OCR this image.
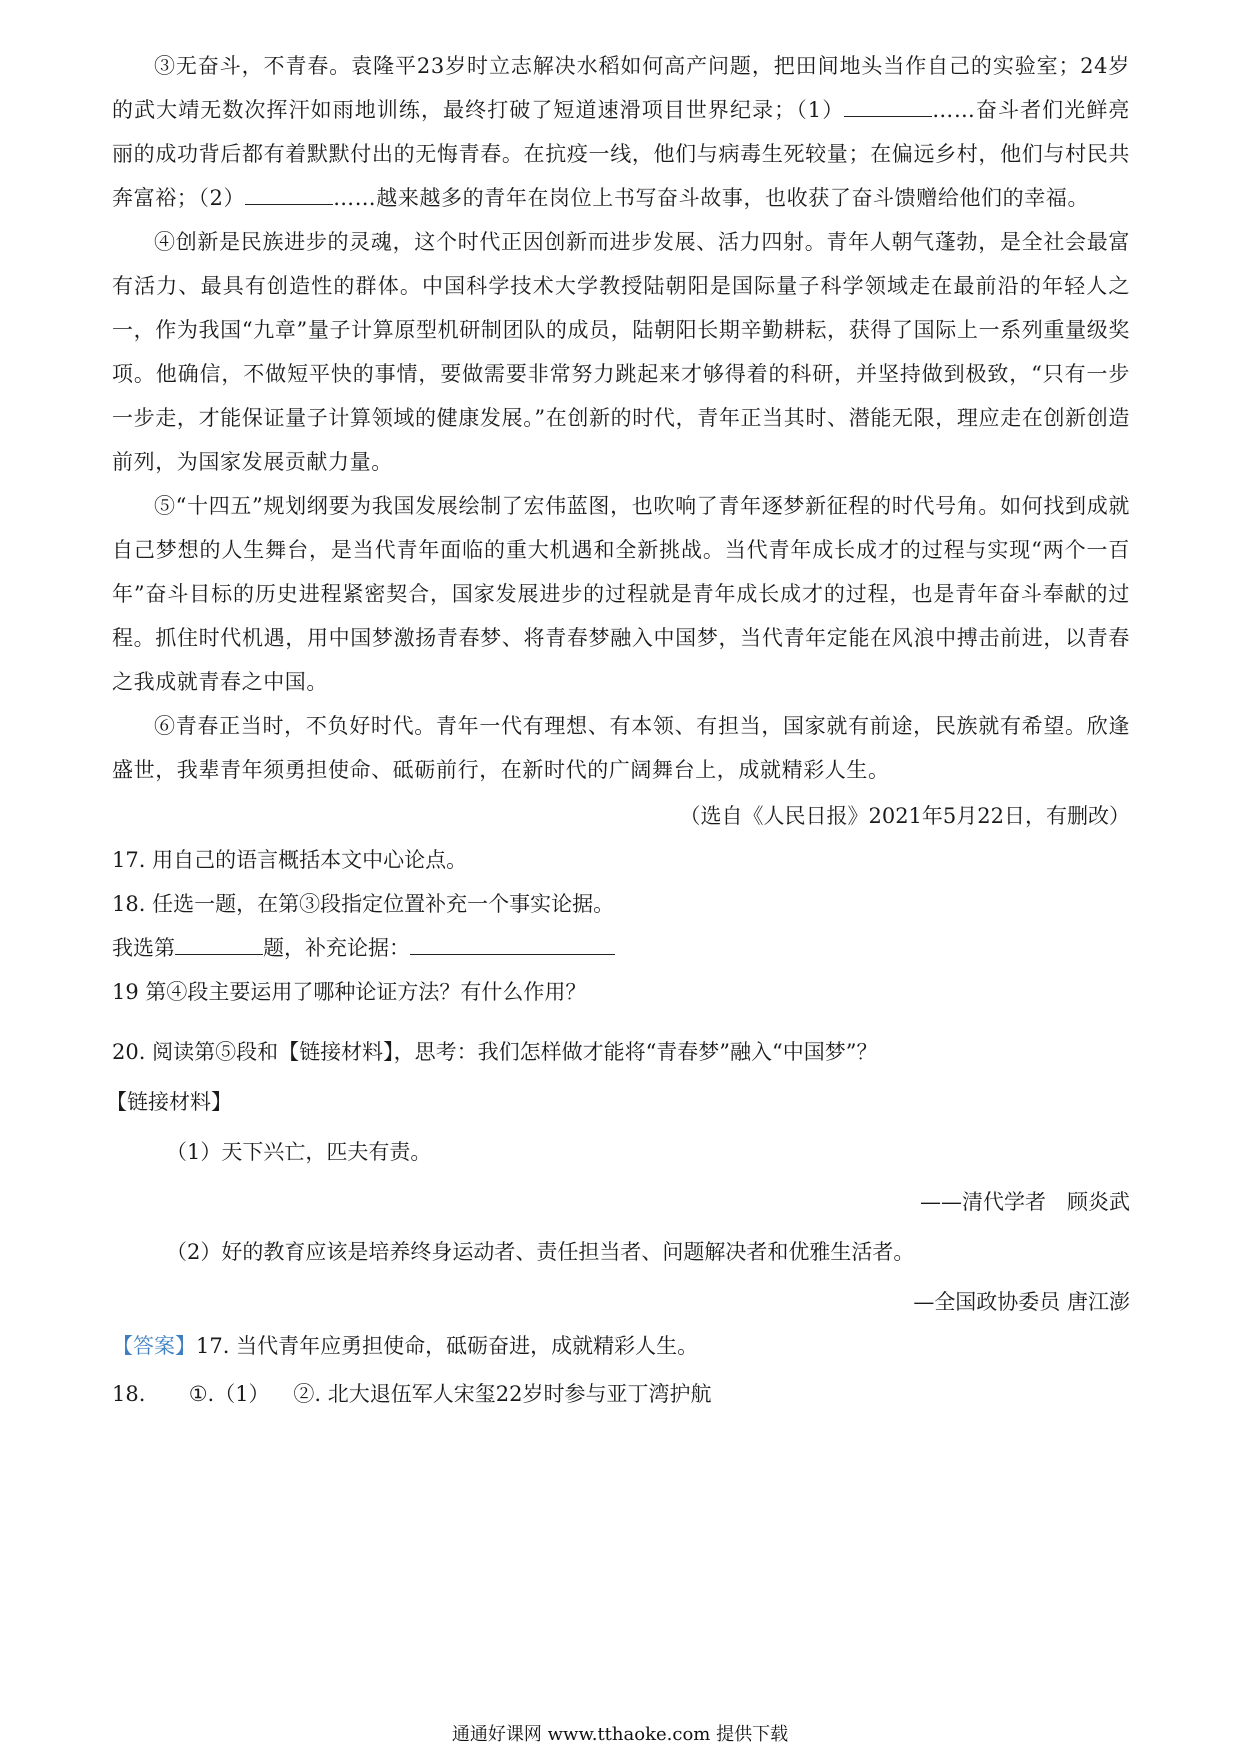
③无奋斗，不青春。袁隆平23岁时立志解决水稻如何高产问题，把田间地头当作自己的实验室；24岁的武大靖无数次挥汗如雨地训练，最终打破了短道速滑项目世界纪录；（1）	……奋斗者们光鲜亮丽的成功背后都有着默默付出的无悔青春。在抗疫一线，他们与病毒生死较量；在偏远乡村，他们与村民共奔富裕；（2）	……越来越多的青年在岗位上书写奋斗故事，也收获了奋斗馈赠给他们的幸福。

④创新是民族进步的灵魂，这个时代正因创新而进步发展、活力四射。青年人朝气蓬勃，是全社会最富有活力、最具有创造性的群体。中国科学技术大学教授陆朝阳是国际量子科学领域走在最前沿的年轻人之一，作为我国“九章”量子计算原型机研制团队的成员，陆朝阳长期辛勤耕耘，获得了国际上一系列重量级奖项。他确信，不做短平快的事情，要做需要非常努力跳起来才够得着的科研，并坚持做到极致，“只有一步一步走，才能保证量子计算领域的健康发展。”在创新的时代，青年正当其时、潜能无限，理应走在创新创造前列，为国家发展贡献力量。

⑤“十四五”规划纲要为我国发展绘制了宏伟蓝图，也吹响了青年逐梦新征程的时代号角。如何找到成就自己梦想的人生舞台，是当代青年面临的重大机遇和全新挑战。当代青年成长成才的过程与实现“两个一百年”奋斗目标的历史进程紧密契合，国家发展进步的过程就是青年成长成才的过程，也是青年奋斗奉献的过程。抓住时代机遇，用中国梦激扬青春梦、将青春梦融入中国梦，当代青年定能在风浪中搏击前进，以青春之我成就青春之中国。

⑥青春正当时，不负好时代。青年一代有理想、有本领、有担当，国家就有前途，民族就有希望。欣逢盛世，我辈青年须勇担使命、砥砺前行，在新时代的广阔舞台上，成就精彩人生。

（选自《人民日报》2021年5月22日，有删改）

17. 用自己的语言概括本文中心论点。

18. 任选一题，在第③段指定位置补充一个事实论据。

我选第	题，补充论据：

19 第④段主要运用了哪种论证方法？有什么作用？

20. 阅读第⑤段和【链接材料】，思考：我们怎样做才能将“青春梦”融入“中国梦”？

【链接材料】
（1）天下兴亡，匹夫有责。
——清代学者　顾炎武
（2）好的教育应该是培养终身运动者、责任担当者、问题解决者和优雅生活者。
—全国政协委员 唐江澎

【答案】17. 当代青年应勇担使命，砥砺奋进，成就精彩人生。

18. ①.（1） ②. 北大退伍军人宋玺22岁时参与亚丁湾护航
通通好课网 www.tthaoke.com 提供下载
